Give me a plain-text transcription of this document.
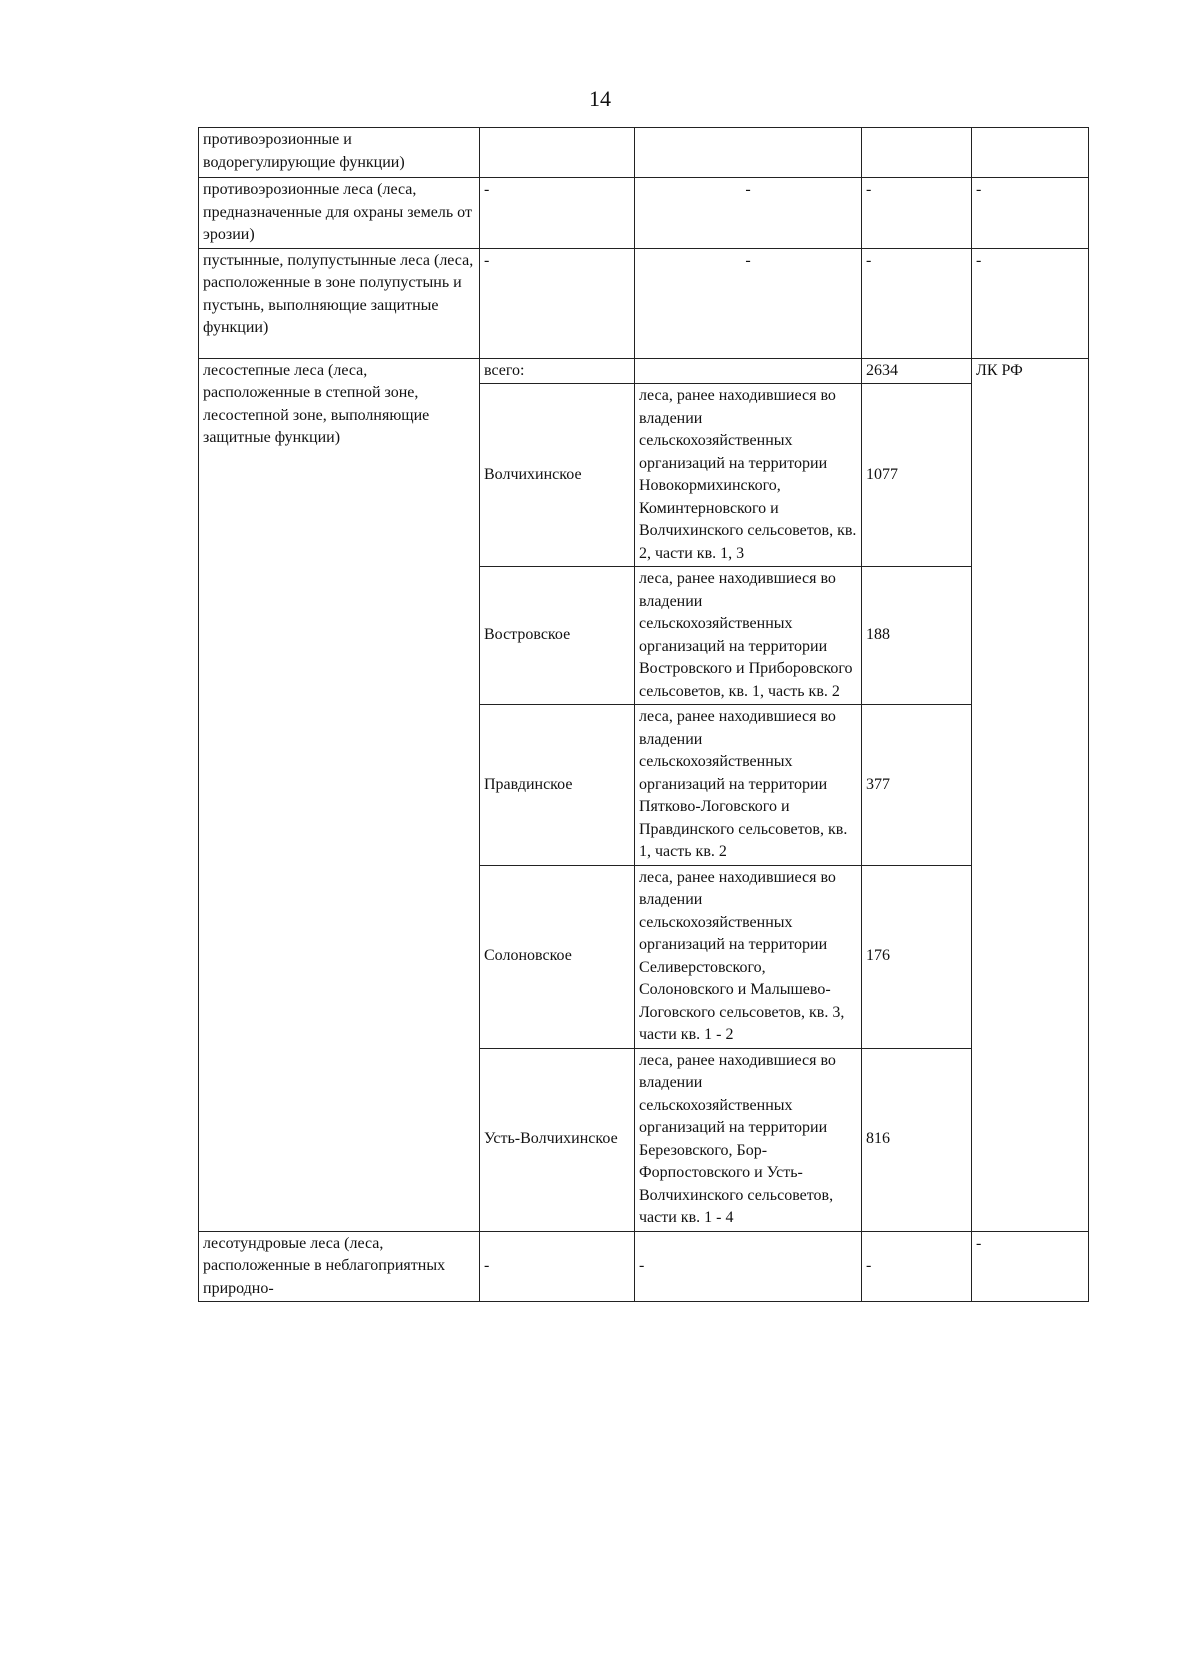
14
противоэрозионные и водорегулирующие функции)				
противоэрозионные леса (леса, предназначенные для охраны земель от эрозии)	-	-	-	-
пустынные, полупустынные леса (леса, расположенные в зоне полупустынь и пустынь, выполняющие защитные функции)	-	-	-	-
лесостепные леса (леса, расположенные в степной зоне, лесостепной зоне, выполняющие защитные функции)	всего:		2634	ЛК РФ
	Волчихинское	леса, ранее находившиеся во владении сельскохозяйственных организаций на территории Новокормихинского, Коминтерновского и Волчихинского сельсоветов, кв. 2, части кв. 1, 3	1077	
	Востровское	леса, ранее находившиеся во владении сельскохозяйственных организаций на территории Востровского и Приборовского сельсоветов, кв. 1, часть кв. 2	188	
	Правдинское	леса, ранее находившиеся во владении сельскохозяйственных организаций на территории Пятково-Логовского и Правдинского сельсоветов, кв. 1, часть кв. 2	377	
	Солоновское	леса, ранее находившиеся во владении сельскохозяйственных организаций на территории Селиверстовского, Солоновского и Малышево-Логовского сельсоветов, кв. 3, части кв. 1 - 2	176	
	Усть-Волчихинское	леса, ранее находившиеся во владении сельскохозяйственных организаций на территории Березовского, Бор-Форпостовского и Усть-Волчихинского сельсоветов, части кв. 1 - 4	816	
лесотундровые леса (леса, расположенные в неблагоприятных природно-	-	-	-	-
